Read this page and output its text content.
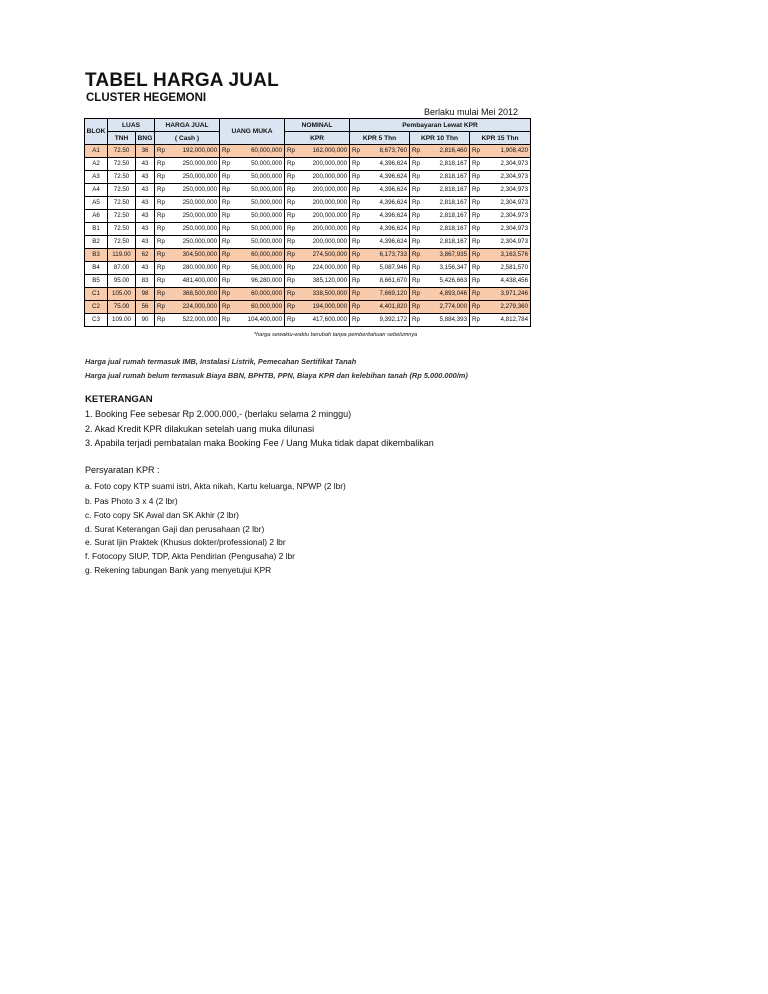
TABEL HARGA JUAL
CLUSTER HEGEMONI
Berlaku mulai Mei 2012
BLOK	LUAS		HARGA JUAL		UANG MUKA		NOMINAL		Pembayaran Lewat KPR					
	TNH	BNG	( Cash )				KPR		KPR 5 Thn		KPR 10 Thn		KPR 15 Thn	
A1	72.50	36	Rp	192,000,000	Rp	60,000,000	Rp	162,000,000	Rp	8,673,760	Rp	2,816,460	Rp	1,908,420
A2	72.50	43	Rp	250,000,000	Rp	50,000,000	Rp	200,000,000	Rp	4,396,624	Rp	2,818,167	Rp	2,304,973
A3	72.50	43	Rp	250,000,000	Rp	50,000,000	Rp	200,000,000	Rp	4,396,624	Rp	2,818,167	Rp	2,304,973
A4	72.50	43	Rp	250,000,000	Rp	50,000,000	Rp	200,000,000	Rp	4,396,624	Rp	2,818,167	Rp	2,304,973
A5	72.50	43	Rp	250,000,000	Rp	50,000,000	Rp	200,000,000	Rp	4,396,624	Rp	2,818,167	Rp	2,304,973
A6	72.50	43	Rp	250,000,000	Rp	50,000,000	Rp	200,000,000	Rp	4,396,624	Rp	2,818,167	Rp	2,304,973
B1	72.50	43	Rp	250,000,000	Rp	50,000,000	Rp	200,000,000	Rp	4,396,624	Rp	2,818,167	Rp	2,304,973
B2	72.50	43	Rp	250,000,000	Rp	50,000,000	Rp	200,000,000	Rp	4,396,624	Rp	2,818,167	Rp	2,304,973
B3	119.00	62	Rp	304,500,000	Rp	60,000,000	Rp	274,500,000	Rp	6,173,733	Rp	3,867,935	Rp	3,163,576
B4	87.00	43	Rp	280,000,000	Rp	56,000,000	Rp	224,000,000	Rp	5,087,946	Rp	3,156,347	Rp	2,581,570
B5	95.00	83	Rp	481,400,000	Rp	96,280,000	Rp	385,120,000	Rp	8,661,670	Rp	5,426,663	Rp	4,438,456
C1	105.00	98	Rp	368,500,000	Rp	60,000,000	Rp	338,500,000	Rp	7,669,120	Rp	4,893,046	Rp	3,971,246
C2	75.00	56	Rp	224,000,000	Rp	60,000,000	Rp	194,000,000	Rp	4,401,820	Rp	2,774,000	Rp	2,279,360
C3	109.00	90	Rp	522,000,000	Rp	104,400,000	Rp	417,600,000	Rp	9,392,172	Rp	5,884,393	Rp	4,812,784
*harga sewaktu-waktu berubah tanpa pemberitahuan sebelumnya
Harga jual rumah termasuk IMB, Instalasi Listrik, Pemecahan Sertifikat Tanah
Harga jual rumah belum termasuk Biaya BBN, BPHTB, PPN, Biaya KPR dan kelebihan tanah (Rp 5.000.000/m)
KETERANGAN
1. Booking Fee sebesar Rp 2.000.000,- (berlaku selama 2 minggu)
2. Akad Kredit KPR dilakukan setelah uang muka dilunasi
3. Apabila terjadi pembatalan maka Booking Fee / Uang Muka tidak dapat dikembalikan
Persyaratan KPR :
a. Foto copy KTP suami istri, Akta nikah, Kartu keluarga, NPWP (2 lbr)
b. Pas Photo 3 x 4 (2 lbr)
c. Foto copy SK Awal dan SK Akhir (2 lbr)
d. Surat Keterangan Gaji dan perusahaan (2 lbr)
e. Surat Ijin Praktek (Khusus dokter/professional) 2 lbr
f. Fotocopy SIUP, TDP, Akta Pendirian (Pengusaha) 2 lbr
g. Rekening tabungan Bank yang menyetujui KPR
